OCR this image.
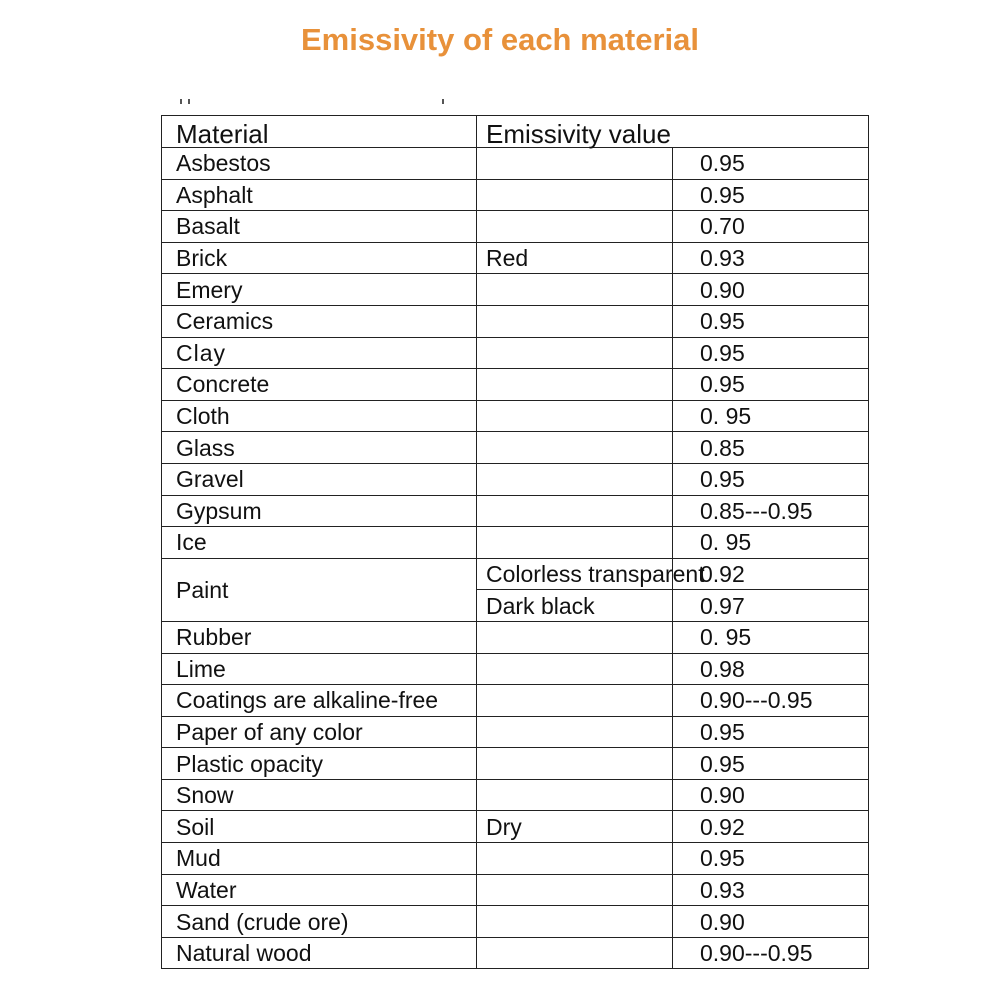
Emissivity of each material
Material	Emissivity value	
Asbestos		0.95
Asphalt		0.95
Basalt		0.70
Brick	Red	0.93
Emery		0.90
Ceramics		0.95
Clay		0.95
Concrete		0.95
Cloth		0. 95
Glass		0.85
Gravel		0.95
Gypsum		0.85---0.95
Ice		0. 95
Paint	Colorless transparent	0.92
	Dark black	0.97
Rubber		0. 95
Lime		0.98
Coatings are alkaline-free		0.90---0.95
Paper of any color		0.95
Plastic opacity		0.95
Snow		0.90
Soil	Dry	0.92
Mud		0.95
Water		0.93
Sand (crude ore)		0.90
Natural wood		0.90---0.95
